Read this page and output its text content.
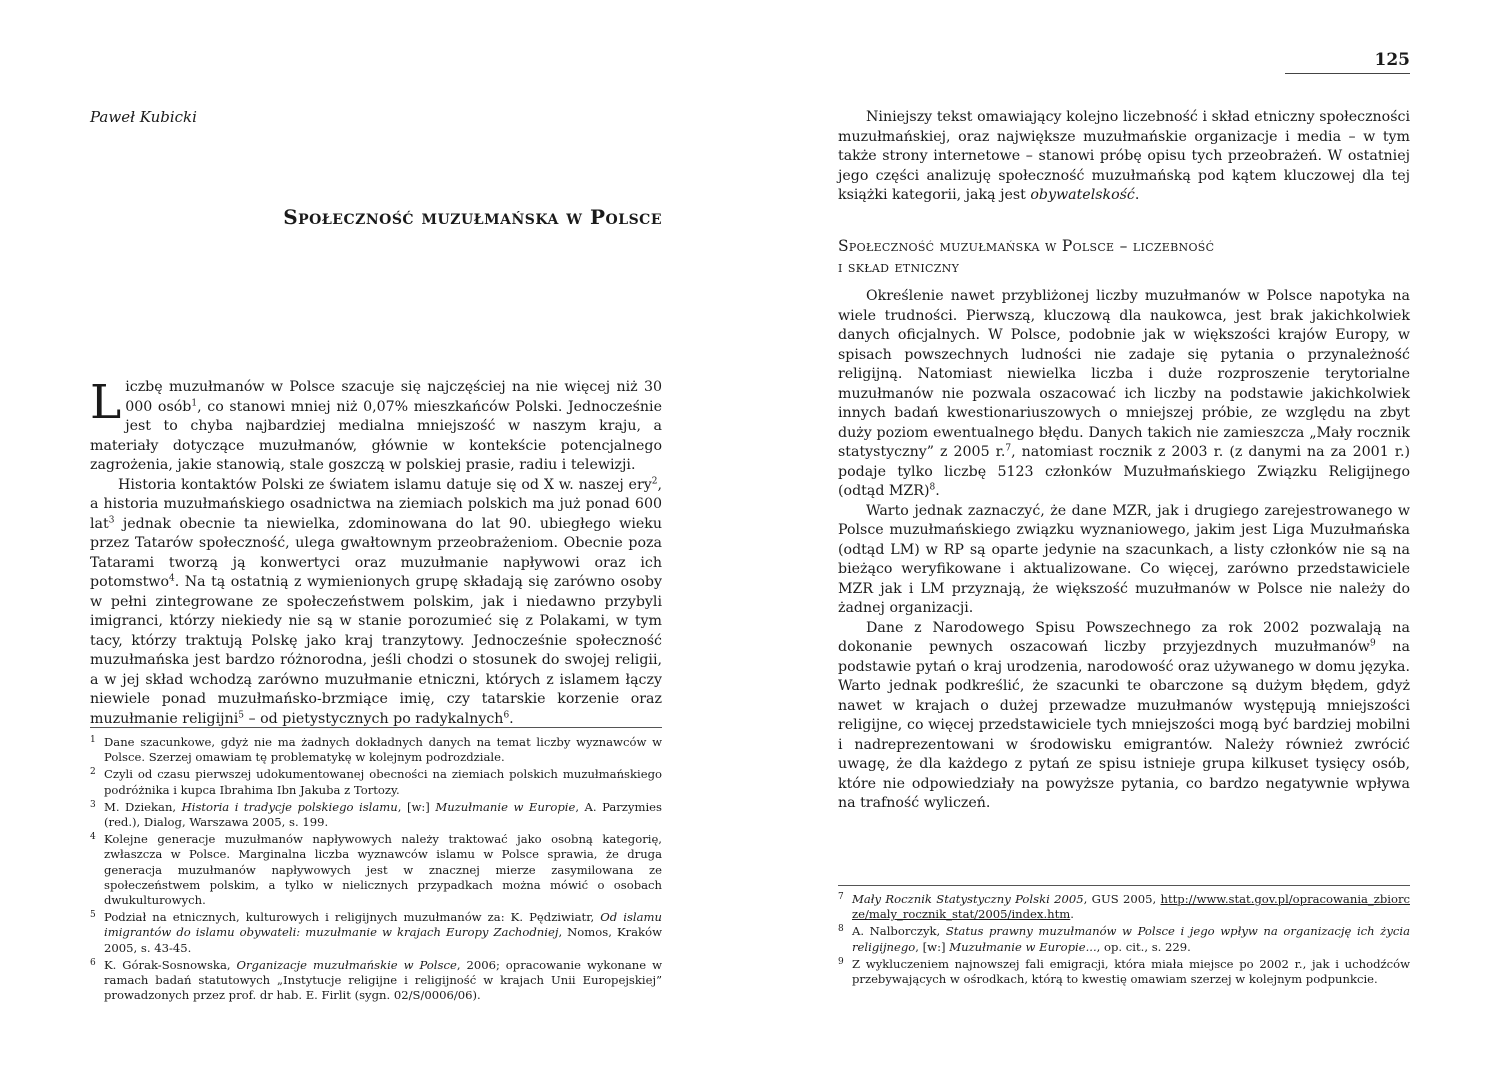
Paweł Kubicki

Społeczność muzułmańska w Polsce

Liczbę muzułmanów w Polsce szacuje się najczęściej na nie więcej niż 30 000 osób$^1$, co stanowi mniej niż 0,07% mieszkańców Polski. Jednocześnie jest to chyba najbardziej medialna mniejszość w naszym kraju, a materiały dotyczące muzułmanów, głównie w kontekście potencjalnego zagrożenia, jakie stanowią, stale goszczą w polskiej prasie, radiu i telewizji.

Historia kontaktów Polski ze światem islamu datuje się od X w. naszej ery$^2$, a historia muzułmańskiego osadnictwa na ziemiach polskich ma już ponad 600 lat$^3$ jednak obecnie ta niewielka, zdominowana do lat 90. ubiegłego wieku przez Tatarów społeczność, ulega gwałtownym przeobrażeniom. Obecnie poza Tatarami tworzą ją konwertyci oraz muzułmanie napływowi oraz ich potomstwo$^4$. Na tą ostatnią z wymienionych grupę składają się zarówno osoby w pełni zintegrowane ze społeczeństwem polskim, jak i niedawno przybyli imigranci, którzy niekiedy nie są w stanie porozumieć się z Polakami, w tym tacy, którzy traktują Polskę jako kraj tranzytowy. Jednocześnie społeczność muzułmańska jest bardzo różnorodna, jeśli chodzi o stosunek do swojej religii, a w jej skład wchodzą zarówno muzułmanie etniczni, których z islamem łączy niewiele ponad muzułmańsko-brzmiące imię, czy tatarskie korzenie oraz muzułmanie religijni$^5$ – od pietystycznych po radykalnych$^6$.

1 Dane szacunkowe, gdyż nie ma żadnych dokładnych danych na temat liczby wyznawców w Polsce. Szerzej omawiam tę problematykę w kolejnym podrozdziale.

2 Czyli od czasu pierwszej udokumentowanej obecności na ziemiach polskich muzułmańskiego podróżnika i kupca Ibrahima Ibn Jakuba z Tortozy.

3 M. Dziekan, Historia i tradycje polskiego islamu, [w:] Muzułmanie w Europie, A. Parzymies (red.), Dialog, Warszawa 2005, s. 199.

4 Kolejne generacje muzułmanów napływowych należy traktować jako osobną kategorię, zwłaszcza w Polsce. Marginalna liczba wyznawców islamu w Polsce sprawia, że druga generacja muzułmanów napływowych jest w znacznej mierze zasymilowana ze społeczeństwem polskim, a tylko w nielicznych przypadkach można mówić o osobach dwukulturowych.

5 Podział na etnicznych, kulturowych i religijnych muzułmanów za: K. Pędziwiatr, Od islamu imigrantów do islamu obywateli: muzułmanie w krajach Europy Zachodniej, Nomos, Kraków 2005, s. 43-45.

6 K. Górak-Sosnowska, Organizacje muzułmańskie w Polsce, 2006; opracowanie wykonane w ramach badań statutowych „Instytucje religijne i religijność w krajach Unii Europejskiej” prowadzonych przez prof. dr hab. E. Firlit (sygn. 02/S/0006/06).

125

Niniejszy tekst omawiający kolejno liczebność i skład etniczny społeczności muzułmańskiej, oraz największe muzułmańskie organizacje i media – w tym także strony internetowe – stanowi próbę opisu tych przeobrażeń. W ostatniej jego części analizuję społeczność muzułmańską pod kątem kluczowej dla tej książki kategorii, jaką jest obywatelskość.

Społeczność muzułmańska w Polsce – liczebność
i skład etniczny

Określenie nawet przybliżonej liczby muzułmanów w Polsce napotyka na wiele trudności. Pierwszą, kluczową dla naukowca, jest brak jakichkolwiek danych oficjalnych. W Polsce, podobnie jak w większości krajów Europy, w spisach powszechnych ludności nie zadaje się pytania o przynależność religijną. Natomiast niewielka liczba i duże rozproszenie terytorialne muzułmanów nie pozwala oszacować ich liczby na podstawie jakichkolwiek innych badań kwestionariuszowych o mniejszej próbie, ze względu na zbyt duży poziom ewentualnego błędu. Danych takich nie zamieszcza „Mały rocznik statystyczny” z 2005 r.$^7$, natomiast rocznik z 2003 r. (z danymi na za 2001 r.) podaje tylko liczbę 5123 członków Muzułmańskiego Związku Religijnego (odtąd MZR)$^8$.

Warto jednak zaznaczyć, że dane MZR, jak i drugiego zarejestrowanego w Polsce muzułmańskiego związku wyznaniowego, jakim jest Liga Muzułmańska (odtąd LM) w RP są oparte jedynie na szacunkach, a listy członków nie są na bieżąco weryfikowane i aktualizowane. Co więcej, zarówno przedstawiciele MZR jak i LM przyznają, że większość muzułmanów w Polsce nie należy do żadnej organizacji.

Dane z Narodowego Spisu Powszechnego za rok 2002 pozwalają na dokonanie pewnych oszacowań liczby przyjezdnych muzułmanów$^9$ na podstawie pytań o kraj urodzenia, narodowość oraz używanego w domu języka. Warto jednak podkreślić, że szacunki te obarczone są dużym błędem, gdyż nawet w krajach o dużej przewadze muzułmanów występują mniejszości religijne, co więcej przedstawiciele tych mniejszości mogą być bardziej mobilni i nadreprezentowani w środowisku emigrantów. Należy również zwrócić uwagę, że dla każdego z pytań ze spisu istnieje grupa kilkuset tysięcy osób, które nie odpowiedziały na powyższe pytania, co bardzo negatywnie wpływa na trafność wyliczeń.

7 Mały Rocznik Statystyczny Polski 2005, GUS 2005, http://www.stat.gov.pl/opracowania_zbiorcze/maly_rocznik_stat/2005/index.htm.

8 A. Nalborczyk, Status prawny muzułmanów w Polsce i jego wpływ na organizację ich życia religijnego, [w:] Muzułmanie w Europie..., op. cit., s. 229.

9 Z wykluczeniem najnowszej fali emigracji, która miała miejsce po 2002 r., jak i uchodźców przebywających w ośrodkach, którą to kwestię omawiam szerzej w kolejnym podpunkcie.
